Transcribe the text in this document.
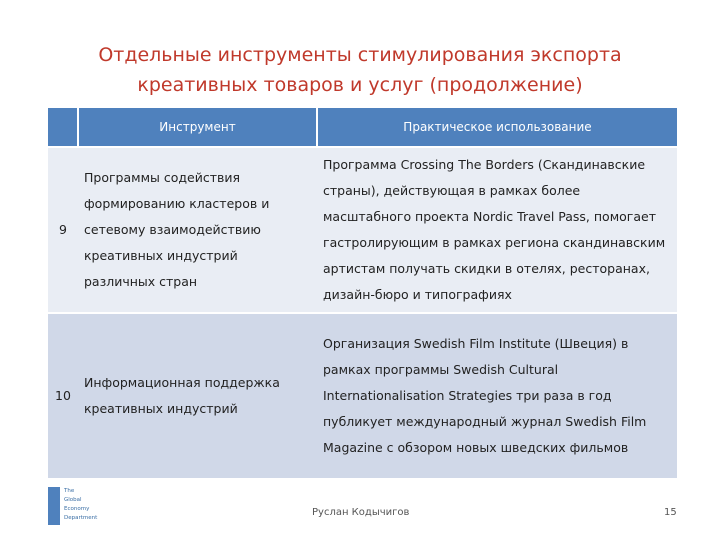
Отдельные инструменты стимулирования экспорта
креативных товаров и услуг (продолжение)
	Инструмент	Практическое использование
9	Программы содействия формированию кластеров и сетевому взаимодействию креативных индустрий различных стран	Программа Crossing The Borders (Скандинавские страны), действующая в рамках более масштабного проекта Nordic Travel Pass, помогает гастролирующим в рамках региона скандинавским артистам получать скидки в отелях, ресторанах, дизайн-бюро и типографиях
10	Информационная поддержка креативных индустрий	Организация Swedish Film Institute (Швеция) в рамках программы Swedish Cultural Internationalisation Strategies три раза в год публикует международный журнал Swedish Film Magazine с обзором новых шведских фильмов
The
Global
Economy
Department	Руслан Кодычигов	15
